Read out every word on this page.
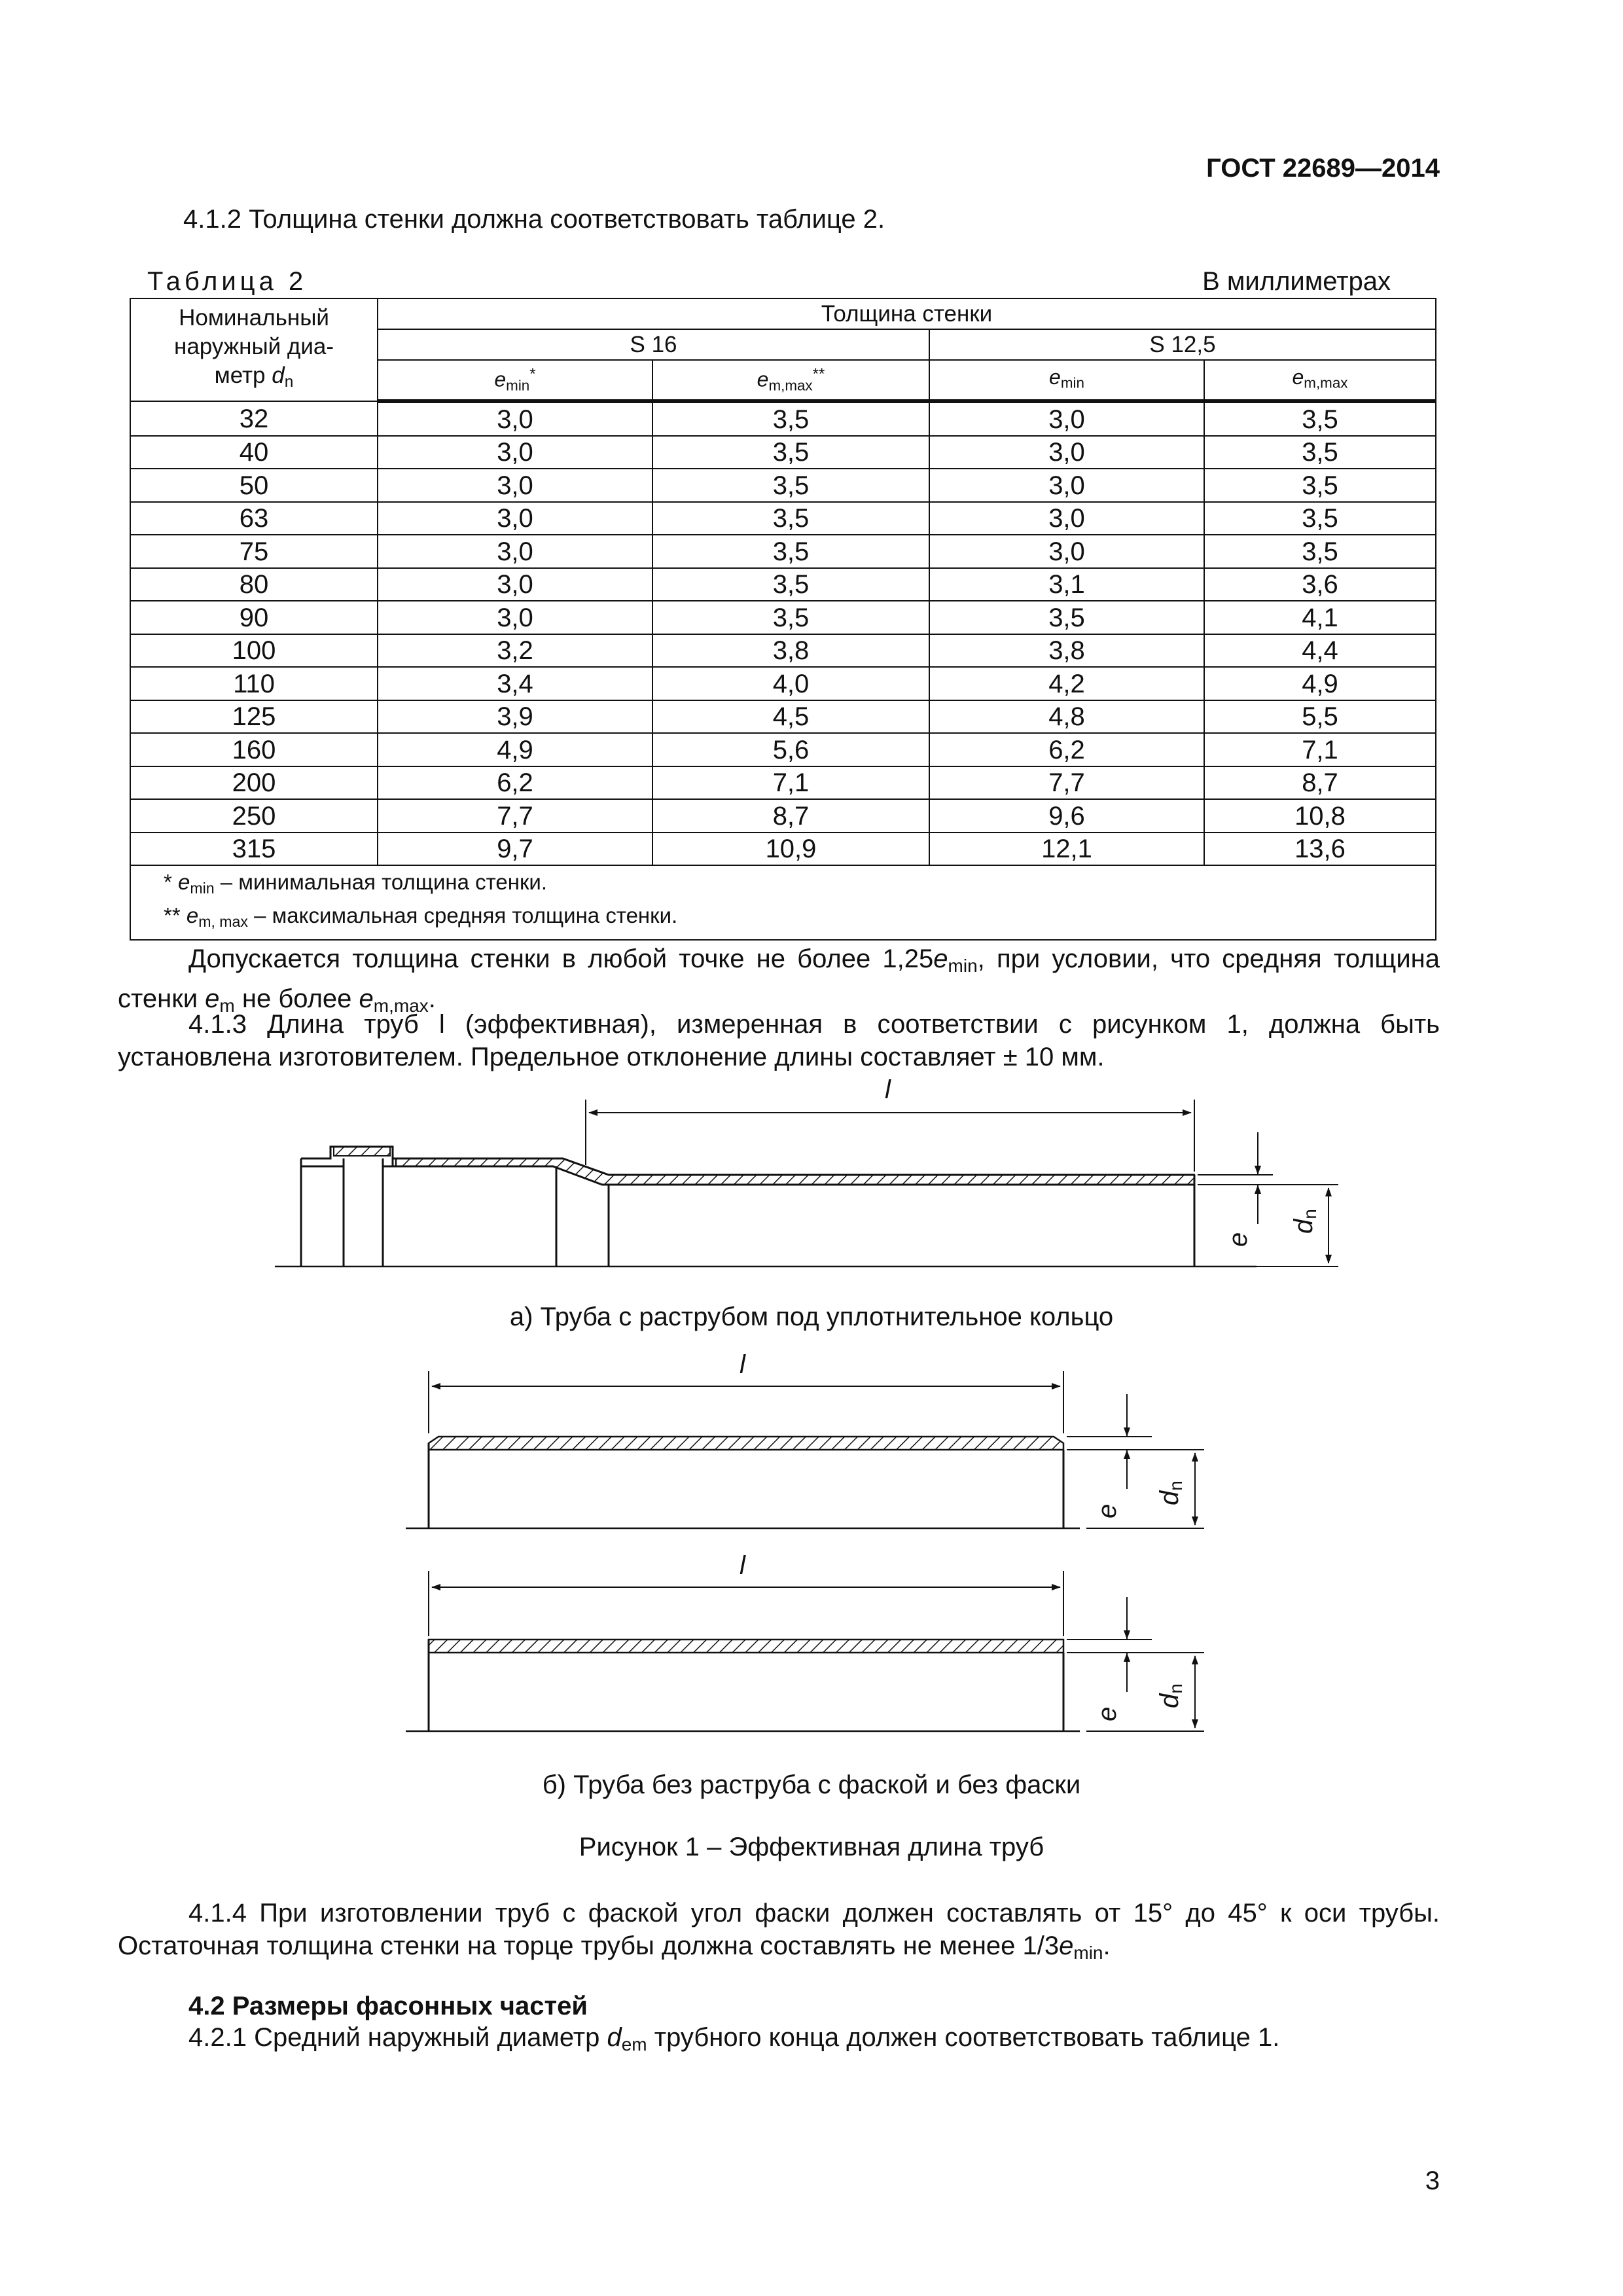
ГОСТ 22689—2014
4.1.2 Толщина стенки должна соответствовать таблице 2.
Таблица 2	В миллиметрах
Номинальный
наружный диа-
метр $d_n$	Толщина стенки			
	S 16		S 12,5	
	$e_{min}^*$	$e_{m,max}^{**}$	$e_{min}$	$e_{m,max}$
32	3,0	3,5	3,0	3,5
40	3,0	3,5	3,0	3,5
50	3,0	3,5	3,0	3,5
63	3,0	3,5	3,0	3,5
75	3,0	3,5	3,0	3,5
80	3,0	3,5	3,1	3,6
90	3,0	3,5	3,5	4,1
100	3,2	3,8	3,8	4,4
110	3,4	4,0	4,2	4,9
125	3,9	4,5	4,8	5,5
160	4,9	5,6	6,2	7,1
200	6,2	7,1	7,7	8,7
250	7,7	8,7	9,6	10,8
315	9,7	10,9	12,1	13,6

* $e_{min}$ – минимальная толщина стенки.
** $e_{m, max}$ – максимальная средняя толщина стенки.				
Допускается толщина стенки в любой точке не более $1,25e_{min}$, при условии, что средняя толщина стенки $e_m$ не более $e_{m,max}$.
4.1.3 Длина труб l (эффективная), измеренная в соответствии с рисунком 1, должна быть установлена изготовителем. Предельное отклонение длины составляет ± 10 мм.
l
e
dn
l
e
dn
l
e
dn
а) Труба с раструбом под уплотнительное кольцо
б) Труба без раструба с фаской и без фаски
Рисунок 1 – Эффективная длина труб
4.1.4 При изготовлении труб с фаской угол фаски должен составлять от 15° до 45° к оси трубы. Остаточная толщина стенки на торце трубы должна составлять не менее $1/3e_{min}$.
4.2 Размеры фасонных частей
4.2.1 Средний наружный диаметр $d_{em}$ трубного конца должен соответствовать таблице 1.
3
